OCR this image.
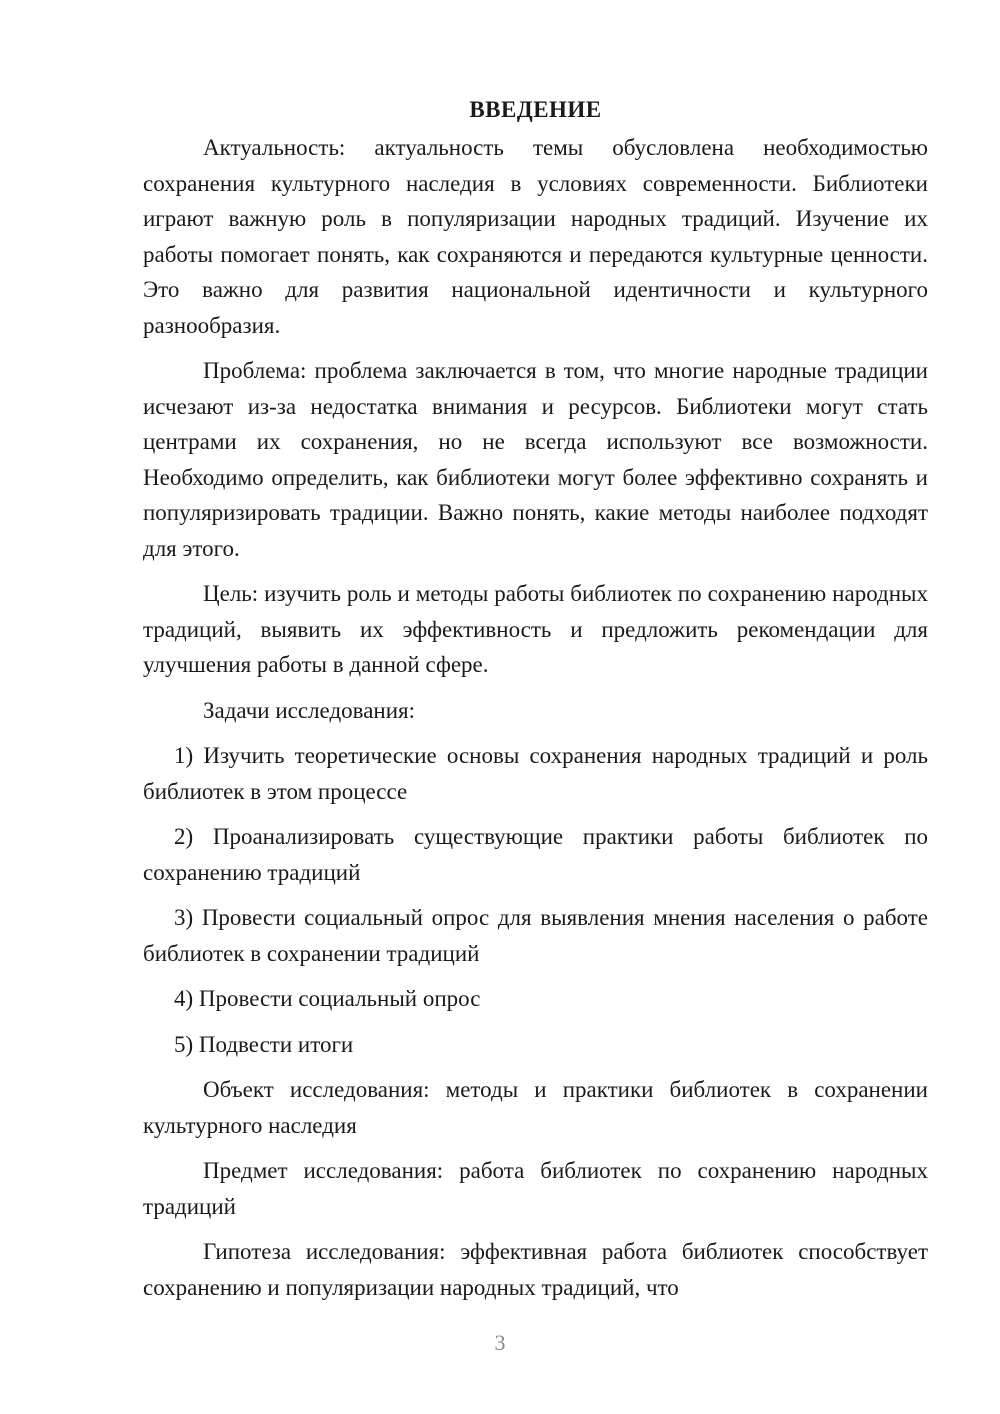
ВВЕДЕНИЕ

Актуальность: актуальность темы обусловлена необходимостью сохранения культурного наследия в условиях современности. Библиотеки играют важную роль в популяризации народных традиций. Изучение их работы помогает понять, как сохраняются и передаются культурные ценности. Это важно для развития национальной идентичности и культурного разнообразия.

Проблема: проблема заключается в том, что многие народные традиции исчезают из-за недостатка внимания и ресурсов. Библиотеки могут стать центрами их сохранения, но не всегда используют все возможности. Необходимо определить, как библиотеки могут более эффективно сохранять и популяризировать традиции. Важно понять, какие методы наиболее подходят для этого.

Цель: изучить роль и методы работы библиотек по сохранению народных традиций, выявить их эффективность и предложить рекомендации для улучшения работы в данной сфере.

Задачи исследования:

1) Изучить теоретические основы сохранения народных традиций и роль библиотек в этом процессе

2) Проанализировать существующие практики работы библиотек по сохранению традиций

3) Провести социальный опрос для выявления мнения населения о работе библиотек в сохранении традиций

4) Провести социальный опрос

5) Подвести итоги

Объект исследования: методы и практики библиотек в сохранении культурного наследия

Предмет исследования: работа библиотек по сохранению народных традиций

Гипотеза исследования: эффективная работа библиотек способствует сохранению и популяризации народных традиций, что

3
